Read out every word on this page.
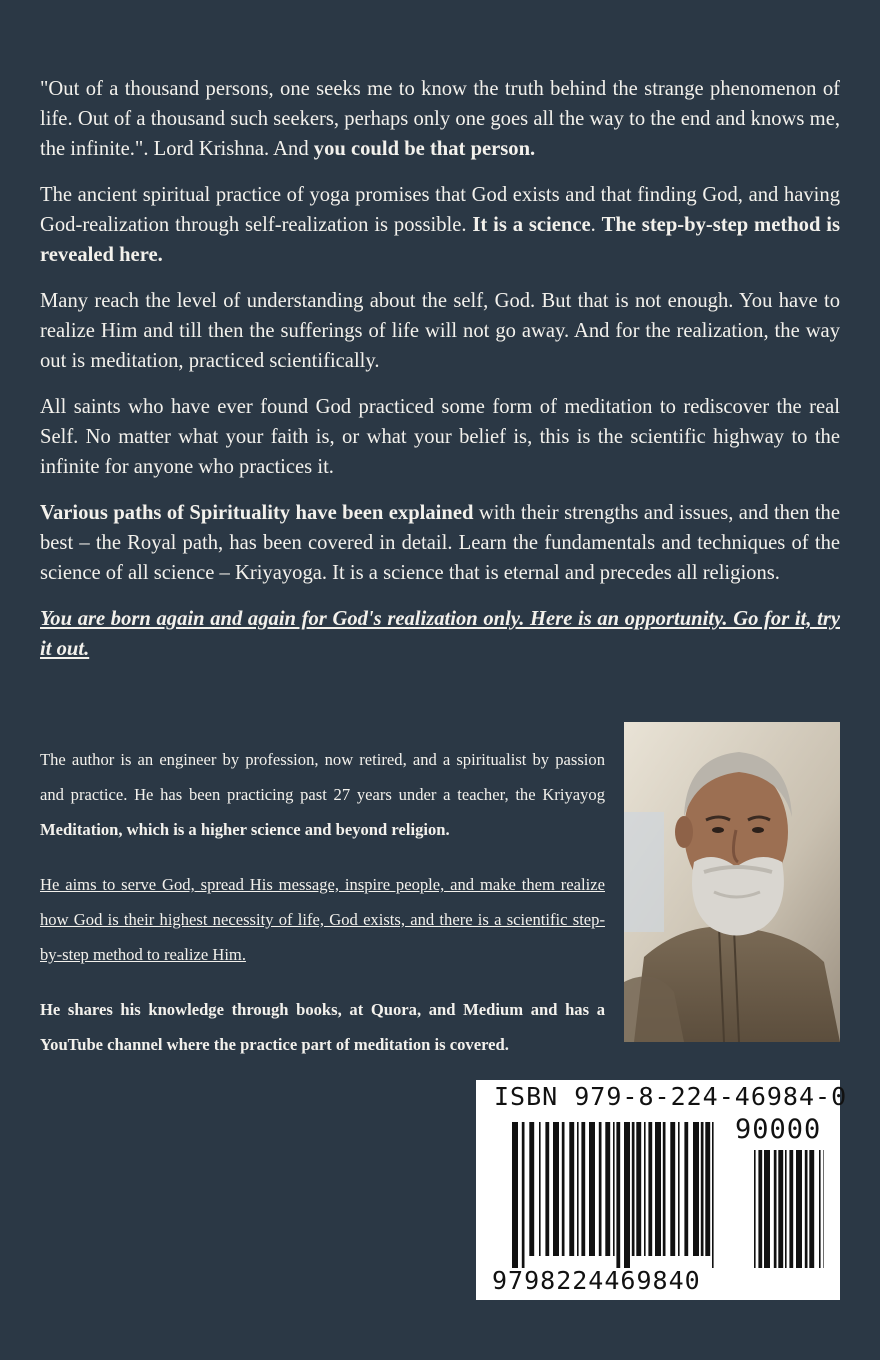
"Out of a thousand persons, one seeks me to know the truth behind the strange phenomenon of life. Out of a thousand such seekers, perhaps only one goes all the way to the end and knows me, the infinite.". Lord Krishna. And you could be that person.

The ancient spiritual practice of yoga promises that God exists and that finding God, and having God-realization through self-realization is possible. It is a science. The step-by-step method is revealed here.

Many reach the level of understanding about the self, God. But that is not enough. You have to realize Him and till then the sufferings of life will not go away. And for the realization, the way out is meditation, practiced scientifically.

All saints who have ever found God practiced some form of meditation to rediscover the real Self. No matter what your faith is, or what your belief is, this is the scientific highway to the infinite for anyone who practices it.

Various paths of Spirituality have been explained with their strengths and issues, and then the best – the Royal path, has been covered in detail. Learn the fundamentals and techniques of the science of all science – Kriyayoga. It is a science that is eternal and precedes all religions.

You are born again and again for God's realization only. Here is an opportunity. Go for it, try it out.

The author is an engineer by profession, now retired, and a spiritualist by passion and practice. He has been practicing past 27 years under a teacher, the Kriyayog Meditation, which is a higher science and beyond religion.

He aims to serve God, spread His message, inspire people, and make them realize how God is their highest necessity of life, God exists, and there is a scientific step-by-step method to realize Him.

He shares his knowledge through books, at Quora, and Medium and has a YouTube channel where the practice part of meditation is covered.

ISBN 979-8-224-46984-0
90000
9798224469840
